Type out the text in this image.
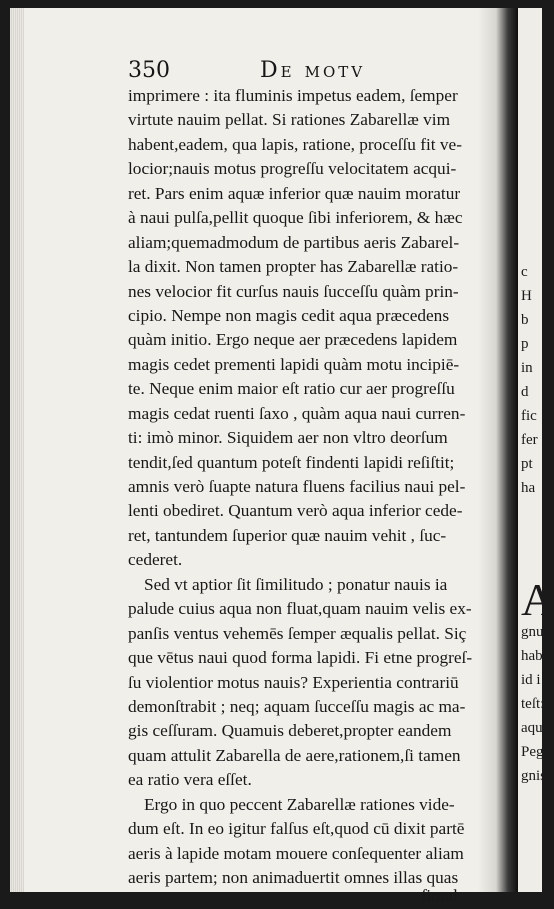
c
H
b
p
in
d
fic
fer
pt
ha
A
gnu
hab
id i
teſt:
aqu
Peg
gnis
350	De motv
imprimere : ita fluminis impetus eadem, ſemper
virtute nauim pellat. Si rationes Zabarellæ vim
habent,eadem, qua lapis, ratione, proceſſu fit ve-
locior;nauis motus progreſſu velocitatem acqui-
ret. Pars enim aquæ inferior quæ nauim moratur
à naui pulſa,pellit quoque ſibi inferiorem, & hæc
aliam;quemadmodum de partibus aeris Zabarel-
la dixit. Non tamen propter has Zabarellæ ratio-
nes velocior fit curſus nauis ſucceſſu quàm prin-
cipio. Nempe non magis cedit aqua præcedens
quàm initio. Ergo neque aer præcedens lapidem
magis cedet prementi lapidi quàm motu incipiē-
te. Neque enim maior eſt ratio cur aer progreſſu
magis cedat ruenti ſaxo , quàm aqua naui curren-
ti: imò minor. Siquidem aer non vltro deorſum
tendit,ſed quantum poteſt findenti lapidi reſiſtit;
amnis verò ſuapte natura fluens facilius naui pel-
lenti obediret. Quantum verò aqua inferior cede-
ret, tantundem ſuperior quæ nauim vehit , ſuc-
cederet.
Sed vt aptior ſit ſimilitudo ; ponatur nauis ia
palude cuius aqua non fluat,quam nauim velis ex-
panſis ventus vehemēs ſemper æqualis pellat. Siç
que vētus naui quod forma lapidi. Fi etne progreſ-
ſu violentior motus nauis? Experientia contrariū
demonſtrabit ; neq; aquam ſucceſſu magis ac ma-
gis ceſſuram. Quamuis deberet,propter eandem
quam attulit Zabarella de aere,rationem,ſi tamen
ea ratio vera eſſet.
Ergo in quo peccent Zabarellæ rationes vide-
dum eſt. In eo igitur falſus eſt,quod cū dixit partē
aeris à lapide motam mouere conſequenter aliam
aeris partem; non animaduertit omnes illas quas
ſimul
